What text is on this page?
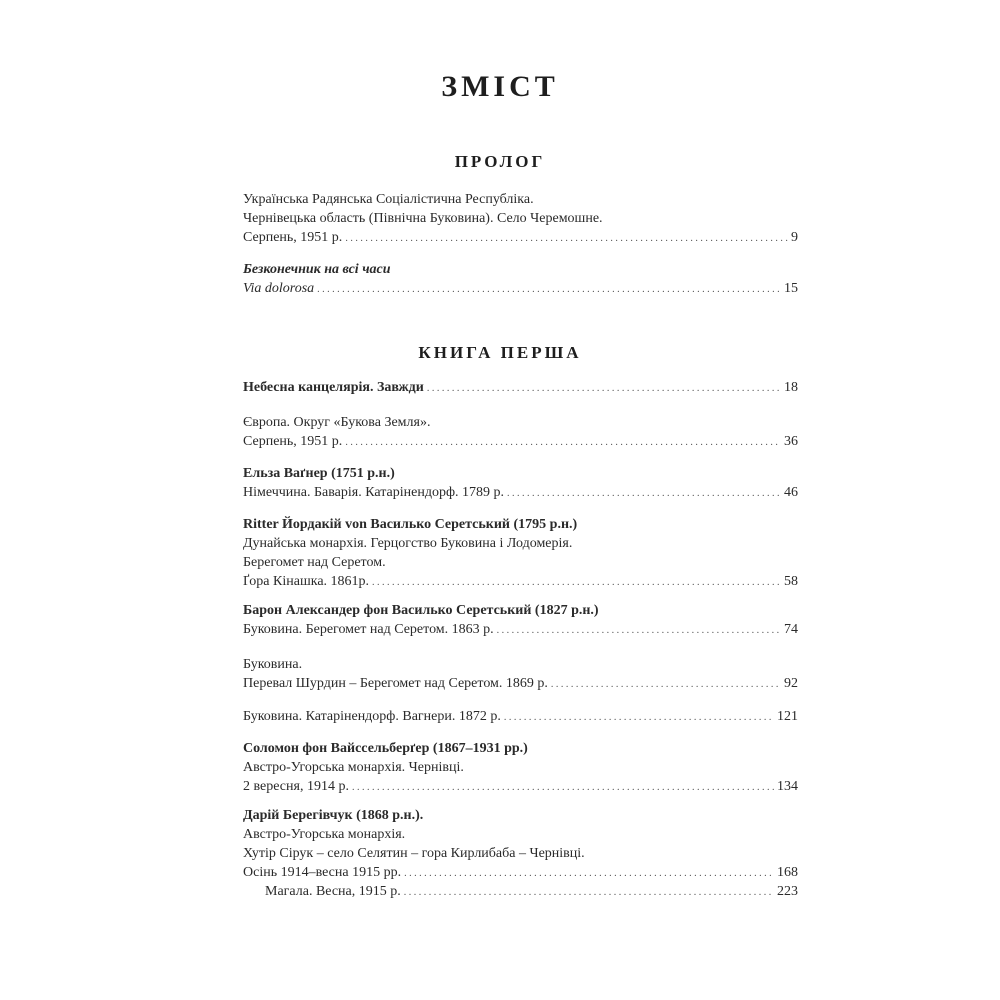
ЗМІСТ
ПРОЛОГ
Українська Радянська Соціалістична Республіка.
Чернівецька область (Північна Буковина). Село Черемошне.
Серпень, 1951 р. . . .	9
Безконечник на всі часи
Via dolorosa . . .	15
КНИГА ПЕРША
Небесна канцелярія. Завжди . . .	18
Європа. Округ «Букова Земля».
Серпень, 1951 р. . . .	36
Ельза Ваґнер (1751 р.н.)
Німеччина. Баварія. Катарінендорф. 1789 р. . . .	46
Ritter Йордакій von Василько Серетський (1795 р.н.)
Дунайська монархія. Герцогство Буковина і Лодомерія.
Берегомет над Серетом.
Ґора Кінашка. 1861р. . . .	58
Барон Александер фон Василько Серетський (1827 р.н.)
Буковина. Берегомет над Серетом. 1863 р. . . .	74
Буковина.
Перевал Шурдин – Берегомет над Серетом. 1869 р. . . .	92
Буковина. Катарінендорф. Вагнери. 1872 р. . . .	121
Соломон фон Вайссельберґер (1867–1931 рр.)
Австро-Угорська монархія. Чернівці.
2 вересня, 1914 р. . . .	134
Дарій Берегівчук (1868 р.н.).
Австро-Угорська монархія.
Хутір Сірук – село Селятин – гора Кирлибаба – Чернівці.
Осінь 1914–весна 1915 рр. . . .	168
Магала. Весна, 1915 р. . . .	223
